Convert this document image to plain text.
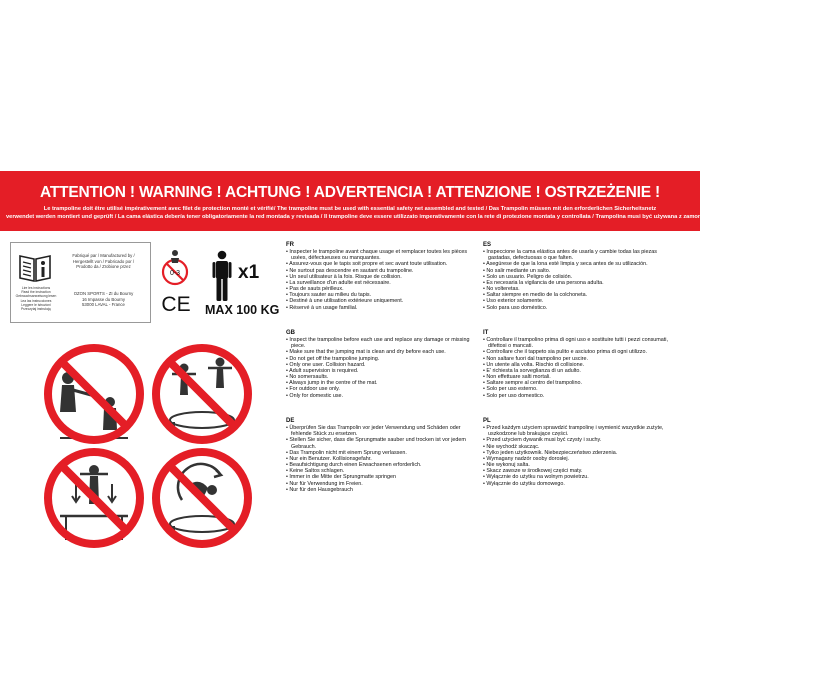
ATTENTION ! WARNING ! ACHTUNG ! ADVERTENCIA ! ATTENZIONE ! OSTRZEŻENIE !
Le trampoline doit être utilisé impérativement avec filet de protection monté et vérifié/ The trampoline must be used with essential safety net assembled and tested / Das Trampolin müssen mit den erforderlichen Sicherheitsnetz
verwendet werden montiert und geprüft / La cama elástica debería tener obligatoriamente la red montada y revisada / Il trampoline deve essere utilizzato imperativamente con la rete di protezione montata y controllata / Trampolina musi być używana z zamontowaną siatką zabezpieczającą i sprawdzono
Lire les instructions
Read the instruction
Gebrauchsanweisung lesen
Lea las instrucciones
Leggere le istruzioni
Przeczytaj instrukcję
Fabriqué par / Manufactured by /
Hergestellt von / Fabricado por /
Prodotto da / Zrobione przez
OZON SPORTS - ZI du Bourny
16 Impasse du Bourny
53000 LAVAL - France
0-3
CE
x1
MAX 100 KG
FR
• Inspecter le trampoline avant chaque usage et remplacer toutes les pièces usées, défectueuses ou manquantes.
• Assurez-vous que le tapis soit propre et sec avant toute utilisation.
• Ne surtout pas descendre en sautant du trampoline.
• Un seul utilisateur à la fois. Risque de collision.
• La surveillance d'un adulte est nécessaire.
• Pas de sauts périlleux.
• Toujours sauter au milieu du tapis.
• Destiné à une utilisation extérieure uniquement.
• Réservé à un usage familial.
GB
• Inspect the trampoline before each use and replace any damage or missing piece.
• Make sure that the jumping mat is clean and dry before each use.
• Do not get off the trampoline jumping.
• Only one user. Collision hazard.
• Adult supervision is required.
• No somersaults.
• Always jump in the centre of the mat.
• For outdoor use only.
• Only for domestic use.
DE
• Überprüfen Sie das Trampolin vor jeder Verwendung und Schäden oder fehlende Stück zu ersetzen.
• Stellen Sie sicher, dass die Sprungmatte sauber und trocken ist vor jedem Gebrauch.
• Das Trampolin nicht mit einem Sprung verlassen.
• Nur ein Benutzer. Kollisionsgefahr.
• Beaufsichtigung durch einen Erwachsenen erforderlich.
• Keine Saltos schlagen.
• Immer in die Mitte der Sprungmatte springen
• Nur für Verwendung im Freien.
• Nur für den Hausgebrauch
ES
• Inspeccione la cama elástica antes de usarla y cambie todas las piezas gastadas, defectuosas o que falten.
• Asegúrese de que la lona esté limpia y seca antes de su utilización.
• No salir mediante un salto.
• Solo un usuario. Peligro de colisión.
• Es necesaria la vigilancia de una persona adulta.
• No volteretas.
• Saltar siempre en medio de la colchoneta.
• Uso exterior solamente.
• Solo para uso doméstico.
IT
• Controllare il trampolino prima di ogni uso e sostituire tutti i pezzi consumati, difettosi o mancati.
• Controllare che il tappeto sia pulito e asciutoo prima di ogni utilizzo.
• Non saltare fuori dal trampolino per uscire.
• Un utente alla volta. Rischio di collisione.
• E' richiesta la sorveglianza di un adulto.
• Non effettuare salti mortali.
• Saltare sempre al centro del trampolino.
• Solo per uso esterno.
• Solo per uso domestico.
PL
• Przed każdym użyciem sprawdzić trampolinę i wymienić wszystkie zużyte, uszkodzone lub brakujące części.
• Przed użyciem dywanik musi być czysty i suchy.
• Nie wychodź skacząc.
• Tylko jeden użytkownik. Niebezpieczeństwo zderzenia.
• Wymagany nadzór osoby dorosłej.
• Nie wykonuj salta.
• Skacz zawsze w środkowej części maty.
• Wyłącznie do użytku na wolnym powietrzu.
• Wyłącznie do użytku domowego.
